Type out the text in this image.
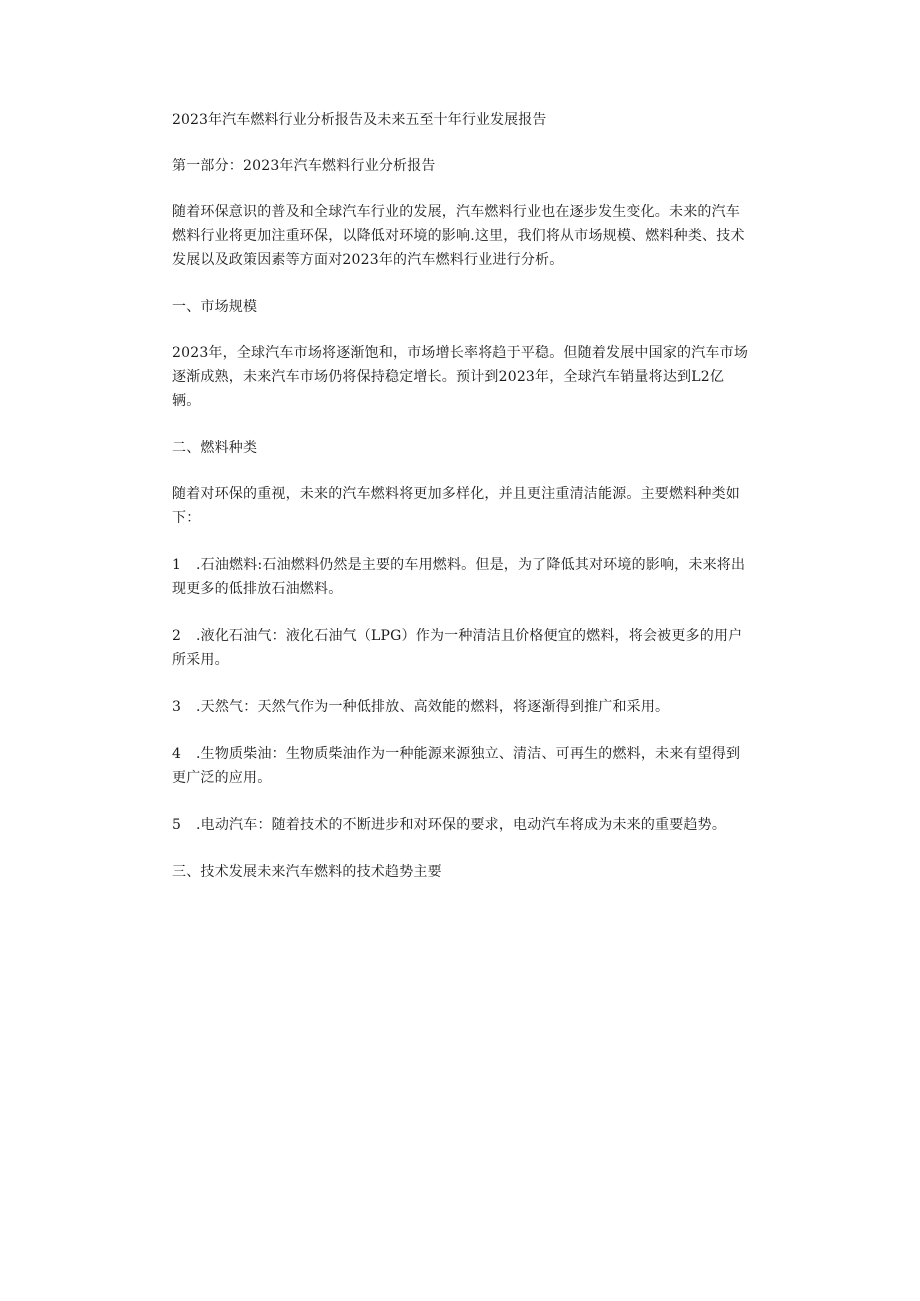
2023年汽车燃料行业分析报告及未来五至十年行业发展报告
第一部分：2023年汽车燃料行业分析报告
随着环保意识的普及和全球汽车行业的发展，汽车燃料行业也在逐步发生变化。未来的汽车燃料行业将更加注重环保，以降低对环境的影响.这里，我们将从市场规模、燃料种类、技术发展以及政策因素等方面对2023年的汽车燃料行业进行分析。
一、市场规模
2023年，全球汽车市场将逐渐饱和，市场增长率将趋于平稳。但随着发展中国家的汽车市场逐渐成熟，未来汽车市场仍将保持稳定增长。预计到2023年，全球汽车销量将达到L2亿辆。
二、燃料种类
随着对环保的重视，未来的汽车燃料将更加多样化，并且更注重清洁能源。主要燃料种类如下：
1 .石油燃料:石油燃料仍然是主要的车用燃料。但是，为了降低其对环境的影响，未来将出现更多的低排放石油燃料。
2 .液化石油气：液化石油气（LPG）作为一种清洁且价格便宜的燃料，将会被更多的用户所采用。
3 .天然气：天然气作为一种低排放、高效能的燃料，将逐渐得到推广和采用。
4 .生物质柴油：生物质柴油作为一种能源来源独立、清洁、可再生的燃料，未来有望得到更广泛的应用。
5 .电动汽车：随着技术的不断进步和对环保的要求，电动汽车将成为未来的重要趋势。
三、技术发展未来汽车燃料的技术趋势主要
